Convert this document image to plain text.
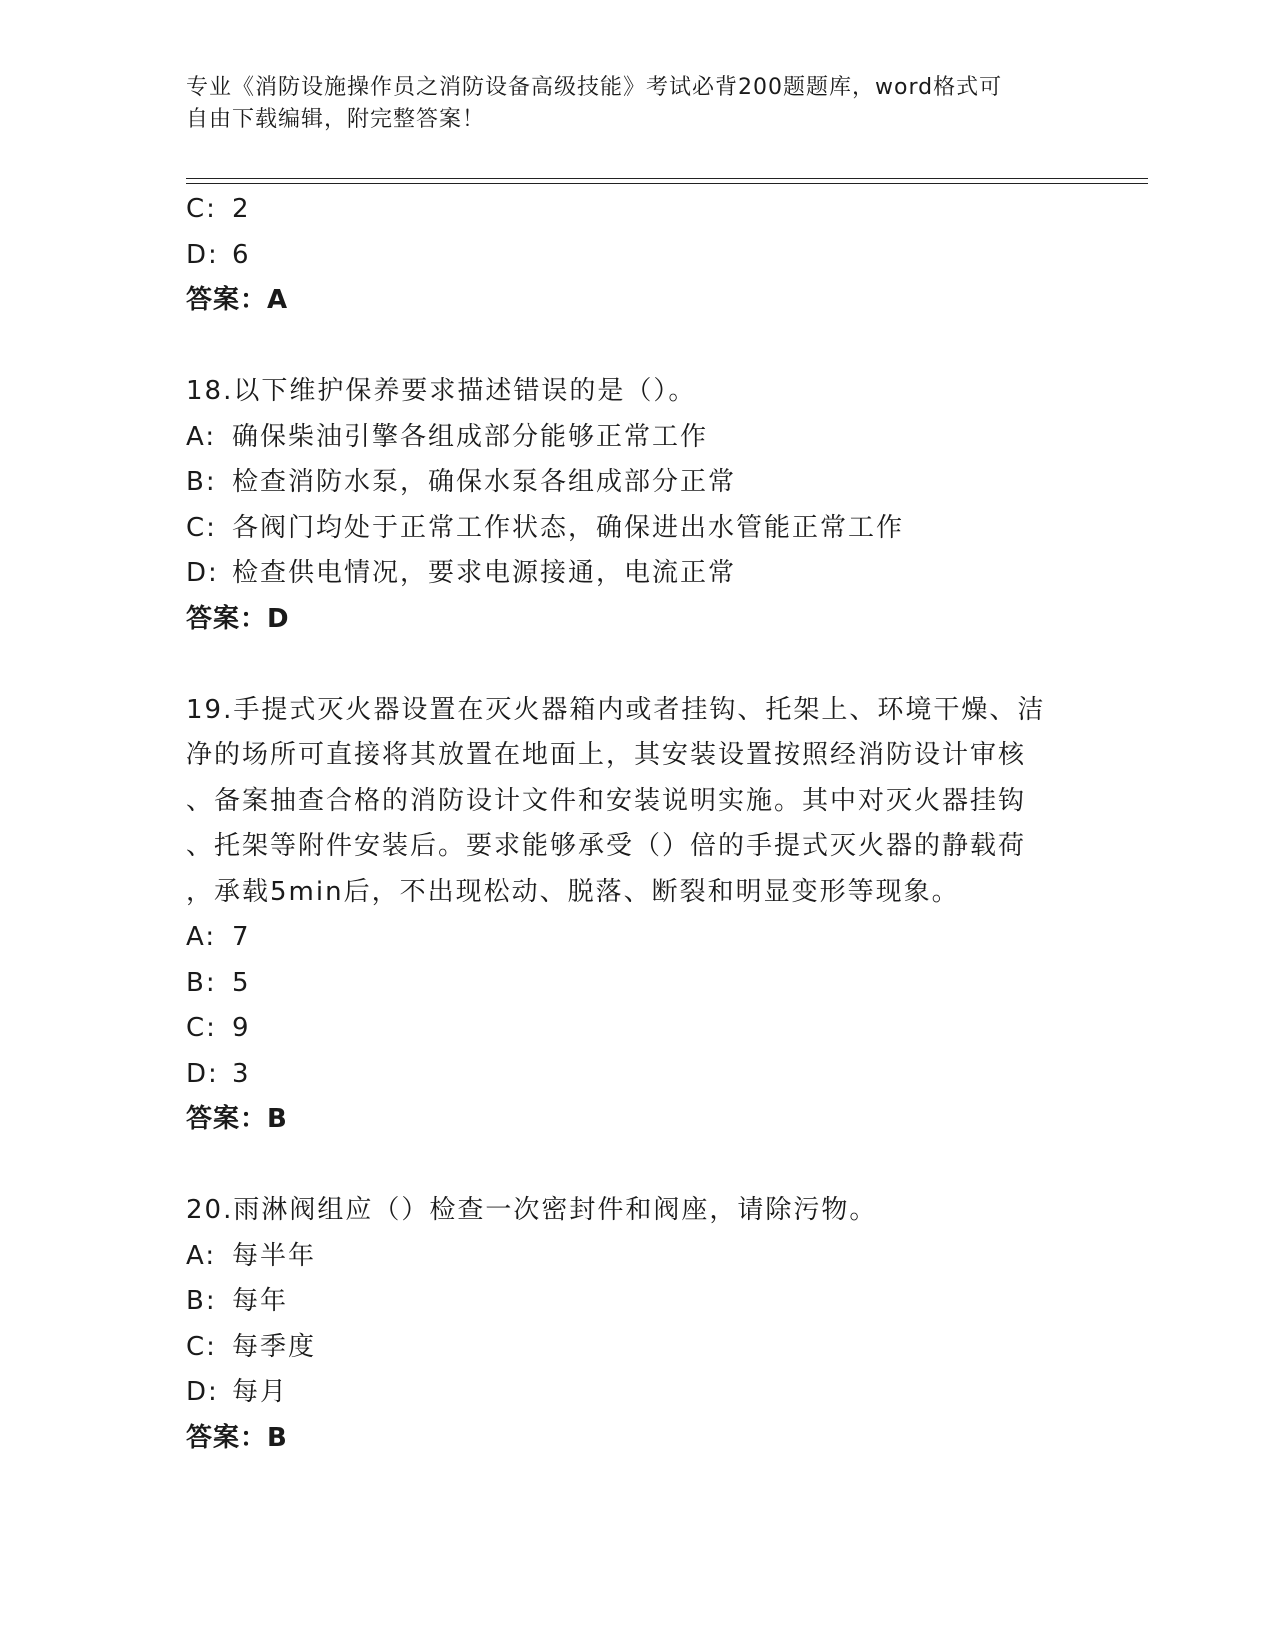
专业《消防设施操作员之消防设备高级技能》考试必背200题题库，word格式可
自由下载编辑，附完整答案！
C: 2
D: 6
答案：A
18.以下维护保养要求描述错误的是（）。
A: 确保柴油引擎各组成部分能够正常工作
B: 检查消防水泵，确保水泵各组成部分正常
C: 各阀门均处于正常工作状态，确保进出水管能正常工作
D: 检查供电情况，要求电源接通，电流正常
答案：D
19.手提式灭火器设置在灭火器箱内或者挂钩、托架上、环境干燥、洁
净的场所可直接将其放置在地面上，其安装设置按照经消防设计审核
、备案抽查合格的消防设计文件和安装说明实施。其中对灭火器挂钩
、托架等附件安装后。要求能够承受（）倍的手提式灭火器的静载荷
，承载5min后，不出现松动、脱落、断裂和明显变形等现象。
A: 7
B: 5
C: 9
D: 3
答案：B
20.雨淋阀组应（）检查一次密封件和阀座，请除污物。
A: 每半年
B: 每年
C: 每季度
D: 每月
答案：B
